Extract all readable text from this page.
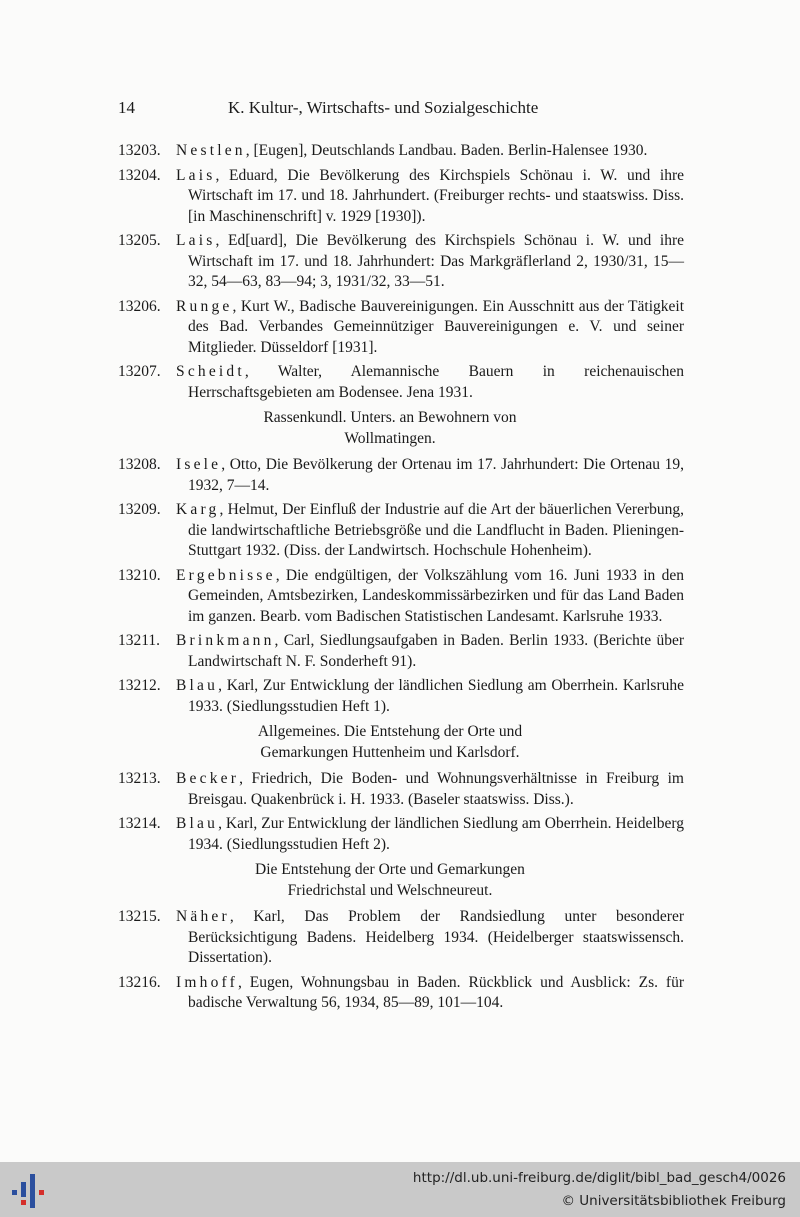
14	K. Kultur-, Wirtschafts- und Sozialgeschichte
13203. Nestlen, [Eugen], Deutschlands Landbau. Baden. Berlin-Halensee 1930.
13204. Lais, Eduard, Die Bevölkerung des Kirchspiels Schönau i. W. und ihre Wirtschaft im 17. und 18. Jahrhundert. (Freiburger rechts- und staatswiss. Diss. [in Maschinenschrift] v. 1929 [1930]).
13205. Lais, Ed[uard], Die Bevölkerung des Kirchspiels Schönau i. W. und ihre Wirtschaft im 17. und 18. Jahrhundert: Das Markgräflerland 2, 1930/31, 15—32, 54—63, 83—94; 3, 1931/32, 33—51.
13206. Runge, Kurt W., Badische Bauvereinigungen. Ein Ausschnitt aus der Tätigkeit des Bad. Verbandes Gemeinnütziger Bauvereinigungen e. V. und seiner Mitglieder. Düsseldorf [1931].
13207. Scheidt, Walter, Alemannische Bauern in reichenauischen Herrschaftsgebieten am Bodensee. Jena 1931.
Rassenkundl. Unters. an Bewohnern von Wollmatingen.
13208. Isele, Otto, Die Bevölkerung der Ortenau im 17. Jahrhundert: Die Ortenau 19, 1932, 7—14.
13209. Karg, Helmut, Der Einfluß der Industrie auf die Art der bäuerlichen Vererbung, die landwirtschaftliche Betriebsgröße und die Landflucht in Baden. Plieningen-Stuttgart 1932. (Diss. der Landwirtsch. Hochschule Hohenheim).
13210. Ergebnisse, Die endgültigen, der Volkszählung vom 16. Juni 1933 in den Gemeinden, Amtsbezirken, Landeskommissärbezirken und für das Land Baden im ganzen. Bearb. vom Badischen Statistischen Landesamt. Karlsruhe 1933.
13211.	Brinkmann, Carl, Siedlungsaufgaben in Baden. Berlin 1933. (Berichte über Landwirtschaft N. F. Sonderheft 91).
13212. Blau, Karl, Zur Entwicklung der ländlichen Siedlung am Oberrhein. Karlsruhe 1933. (Siedlungsstudien Heft 1).
Allgemeines. Die Entstehung der Orte und Gemarkungen Huttenheim und Karlsdorf.
13213. Becker, Friedrich, Die Boden- und Wohnungsverhältnisse in Freiburg im Breisgau. Quakenbrück i. H. 1933. (Baseler staatswiss. Diss.).
13214. Blau, Karl, Zur Entwicklung der ländlichen Siedlung am Oberrhein. Heidelberg 1934. (Siedlungsstudien Heft 2).
Die Entstehung der Orte und Gemarkungen Friedrichstal und Welschneureut.
13215. Näher, Karl, Das Problem der Randsiedlung unter besonderer Berücksichtigung Badens. Heidelberg 1934. (Heidelberger staatswissensch. Dissertation).
13216. Imhoff, Eugen, Wohnungsbau in Baden. Rückblick und Ausblick: Zs. für badische Verwaltung 56, 1934, 85—89, 101—104.
http://dl.ub.uni-freiburg.de/diglit/bibl_bad_gesch4/0026
© Universitätsbibliothek Freiburg
